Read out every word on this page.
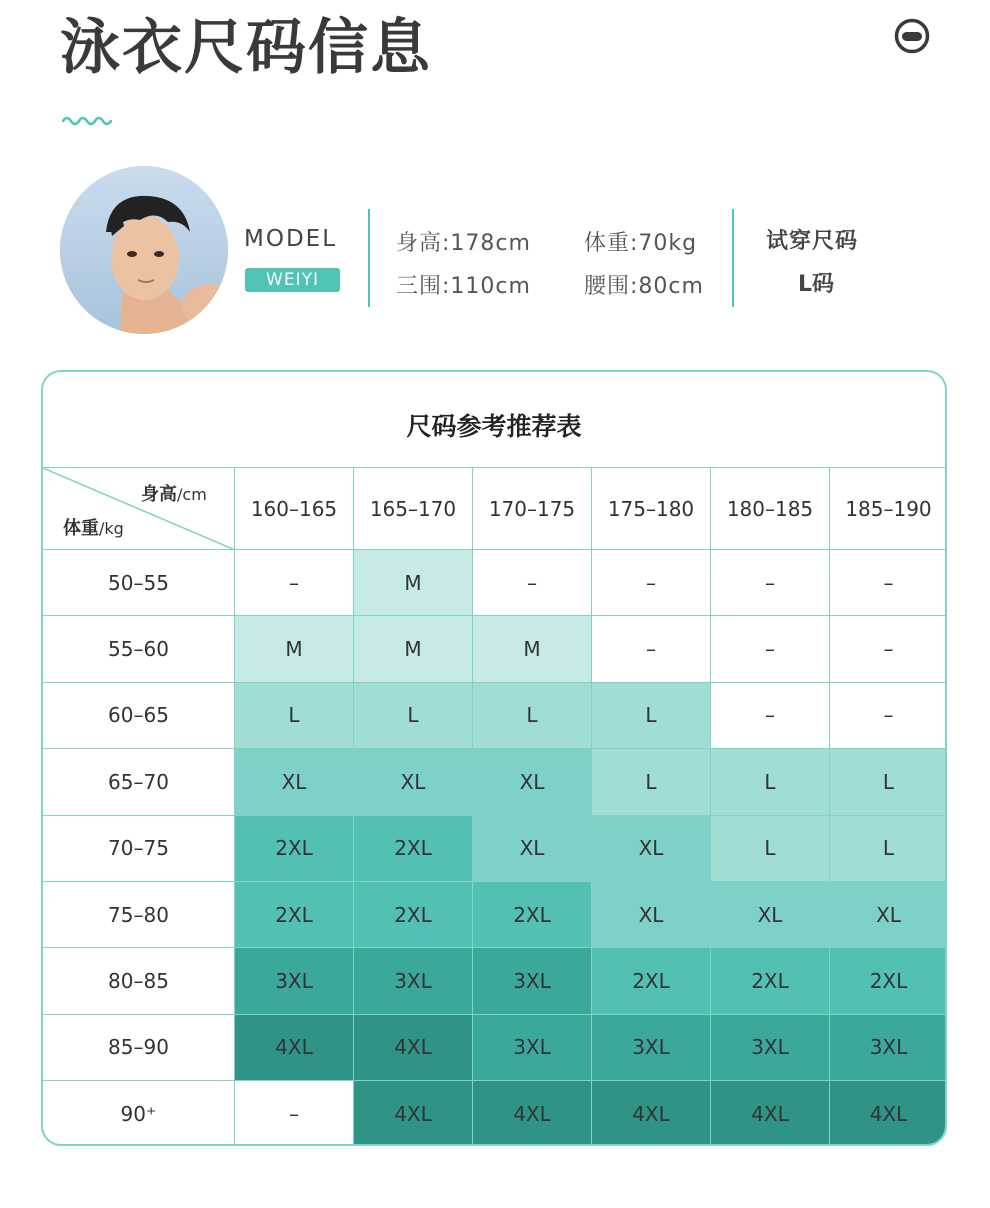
泳衣尺码信息
MODEL
WEIYI
身高:178cm 体重:70kg
三围:110cm 腰围:80cm
试穿尺码
L码
尺码参考推荐表
身高/cm
体重/kg
160–165	165–170	170–175	175–180	180–185	185–190
50–55	–	M	–	–	–	–
55–60	M	M	M	–	–	–
60–65	L	L	L	L	–	–
65–70	XL	XL	XL	L	L	L
70–75	2XL	2XL	XL	XL	L	L
75–80	2XL	2XL	2XL	XL	XL	XL
80–85	3XL	3XL	3XL	2XL	2XL	2XL
85–90	4XL	4XL	3XL	3XL	3XL	3XL
90⁺	–	4XL	4XL	4XL	4XL	4XL
